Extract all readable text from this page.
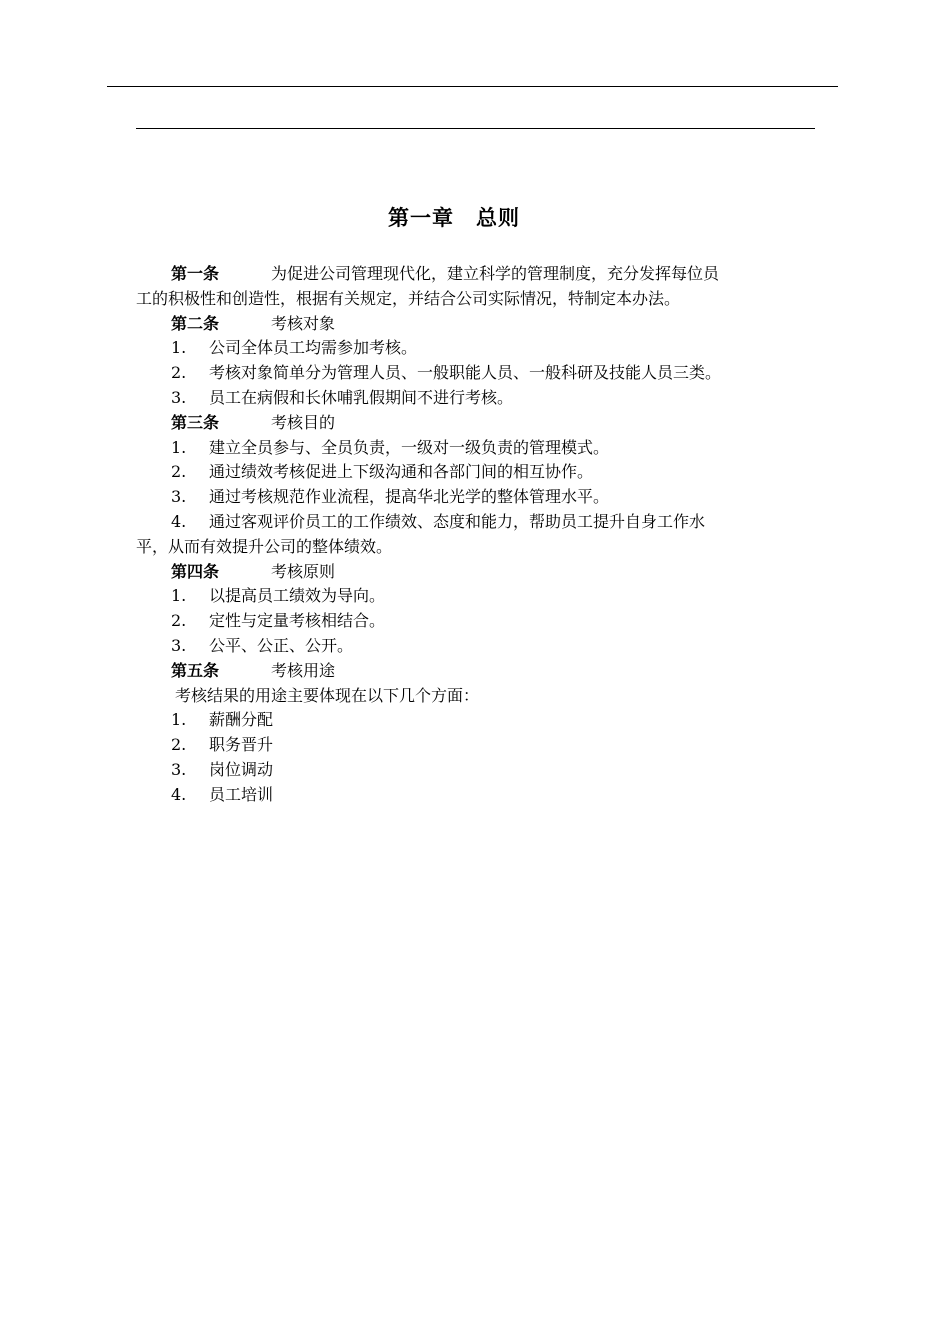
第一章 总则
第一条	为促进公司管理现代化，建立科学的管理制度，充分发挥每位员
工的积极性和创造性，根据有关规定，并结合公司实际情况，特制定本办法。
第二条	考核对象
1. 公司全体员工均需参加考核。
2. 考核对象简单分为管理人员、一般职能人员、一般科研及技能人员三类。
3. 员工在病假和长休哺乳假期间不进行考核。
第三条	考核目的
1. 建立全员参与、全员负责，一级对一级负责的管理模式。
2. 通过绩效考核促进上下级沟通和各部门间的相互协作。
3. 通过考核规范作业流程，提高华北光学的整体管理水平。
4. 通过客观评价员工的工作绩效、态度和能力，帮助员工提升自身工作水
平，从而有效提升公司的整体绩效。
第四条	考核原则
1. 以提高员工绩效为导向。
2. 定性与定量考核相结合。
3. 公平、公正、公开。
第五条	考核用途
考核结果的用途主要体现在以下几个方面：
1. 薪酬分配
2. 职务晋升
3. 岗位调动
4. 员工培训
